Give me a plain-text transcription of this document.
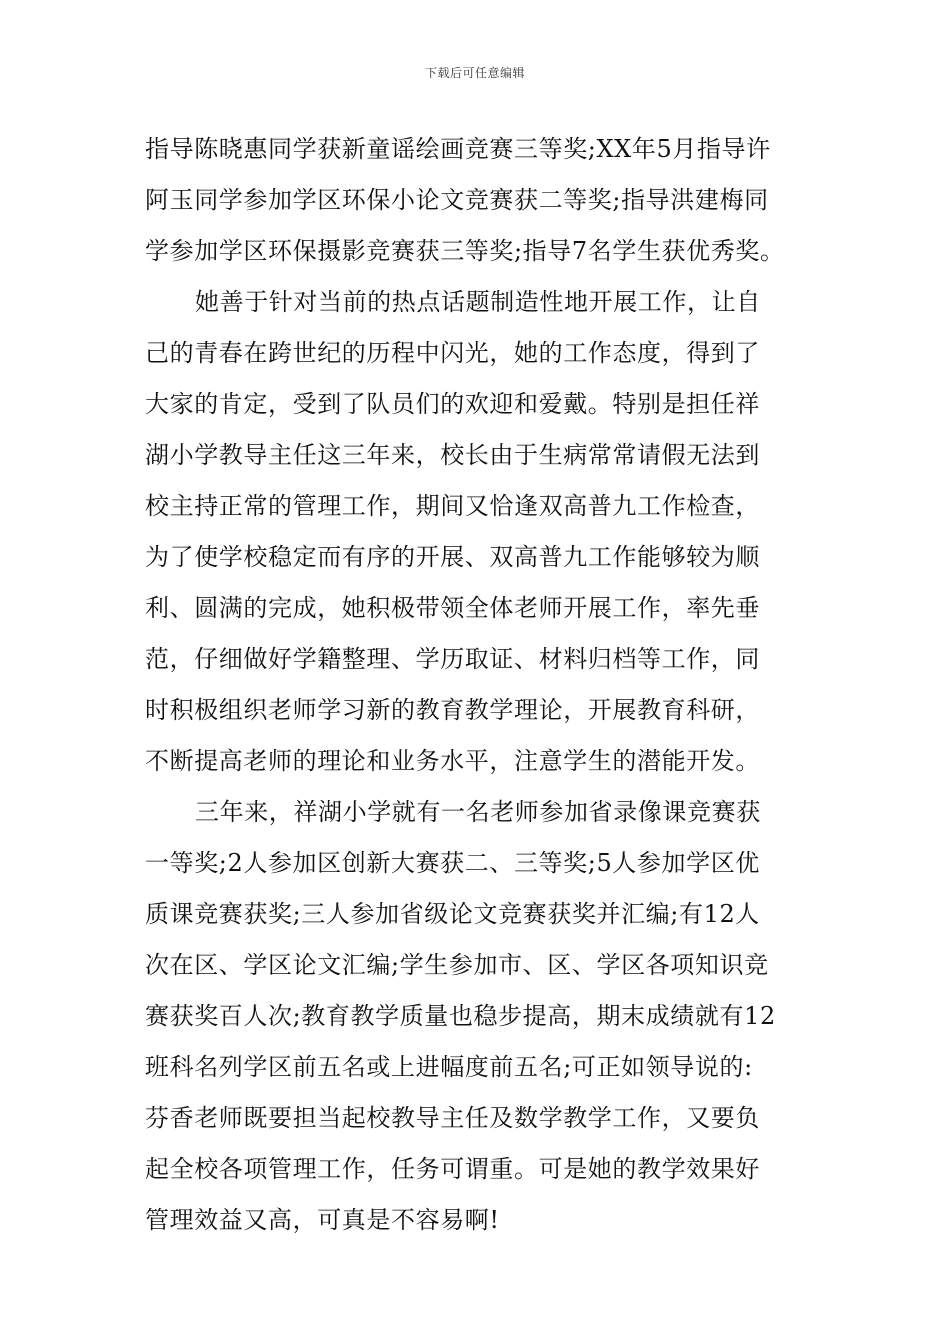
下载后可任意编辑
指导陈晓惠同学获新童谣绘画竞赛三等奖;XX年5月指导许
阿玉同学参加学区环保小论文竞赛获二等奖;指导洪建梅同
学参加学区环保摄影竞赛获三等奖;指导7名学生获优秀奖。
她善于针对当前的热点话题制造性地开展工作，让自
己的青春在跨世纪的历程中闪光，她的工作态度，得到了
大家的肯定，受到了队员们的欢迎和爱戴。特别是担任祥
湖小学教导主任这三年来，校长由于生病常常请假无法到
校主持正常的管理工作，期间又恰逢双高普九工作检查，
为了使学校稳定而有序的开展、双高普九工作能够较为顺
利、圆满的完成，她积极带领全体老师开展工作，率先垂
范，仔细做好学籍整理、学历取证、材料归档等工作，同
时积极组织老师学习新的教育教学理论，开展教育科研，
不断提高老师的理论和业务水平，注意学生的潜能开发。
三年来，祥湖小学就有一名老师参加省录像课竞赛获
一等奖;2人参加区创新大赛获二、三等奖;5人参加学区优
质课竞赛获奖;三人参加省级论文竞赛获奖并汇编;有12人
次在区、学区论文汇编;学生参加市、区、学区各项知识竞
赛获奖百人次;教育教学质量也稳步提高，期末成绩就有12
班科名列学区前五名或上进幅度前五名;可正如领导说的:
芬香老师既要担当起校教导主任及数学教学工作，又要负
起全校各项管理工作，任务可谓重。可是她的教学效果好
管理效益又高，可真是不容易啊!
